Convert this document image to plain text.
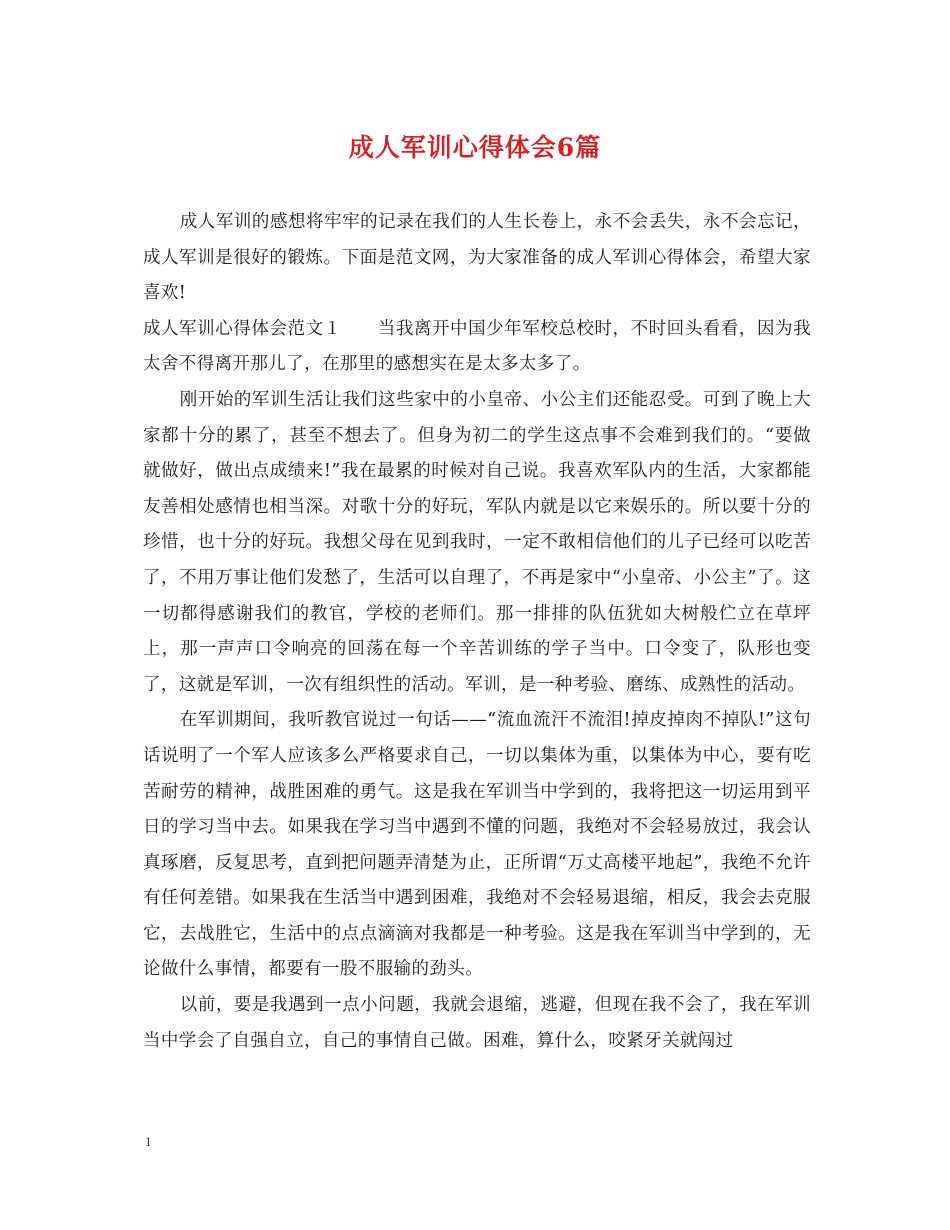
成人军训心得体会6篇

成人军训的感想将牢牢的记录在我们的人生长卷上，永不会丢失，永不会忘记，成人军训是很好的锻炼。下面是范文网，为大家准备的成人军训心得体会，希望大家喜欢!

成人军训心得体会范文１ 当我离开中国少年军校总校时，不时回头看看，因为我太舍不得离开那儿了，在那里的感想实在是太多太多了。

刚开始的军训生活让我们这些家中的小皇帝、小公主们还能忍受。可到了晚上大家都十分的累了，甚至不想去了。但身为初二的学生这点事不会难到我们的。“要做就做好，做出点成绩来!”我在最累的时候对自己说。我喜欢军队内的生活，大家都能友善相处感情也相当深。对歌十分的好玩，军队内就是以它来娱乐的。所以要十分的珍惜，也十分的好玩。我想父母在见到我时，一定不敢相信他们的儿子已经可以吃苦了，不用万事让他们发愁了，生活可以自理了，不再是家中“小皇帝、小公主”了。这一切都得感谢我们的教官，学校的老师们。那一排排的队伍犹如大树般伫立在草坪上，那一声声口令响亮的回荡在每一个辛苦训练的学子当中。口令变了，队形也变了，这就是军训，一次有组织性的活动。军训，是一种考验、磨练、成熟性的活动。

在军训期间，我听教官说过一句话——“流血流汗不流泪!掉皮掉肉不掉队!”这句话说明了一个军人应该多么严格要求自己，一切以集体为重，以集体为中心，要有吃苦耐劳的精神，战胜困难的勇气。这是我在军训当中学到的，我将把这一切运用到平日的学习当中去。如果我在学习当中遇到不懂的问题，我绝对不会轻易放过，我会认真琢磨，反复思考，直到把问题弄清楚为止，正所谓“万丈高楼平地起”，我绝不允许有任何差错。如果我在生活当中遇到困难，我绝对不会轻易退缩，相反，我会去克服它，去战胜它，生活中的点点滴滴对我都是一种考验。这是我在军训当中学到的，无论做什么事情，都要有一股不服输的劲头。

以前，要是我遇到一点小问题，我就会退缩，逃避，但现在我不会了，我在军训当中学会了自强自立，自己的事情自己做。困难，算什么，咬紧牙关就闯过

1
